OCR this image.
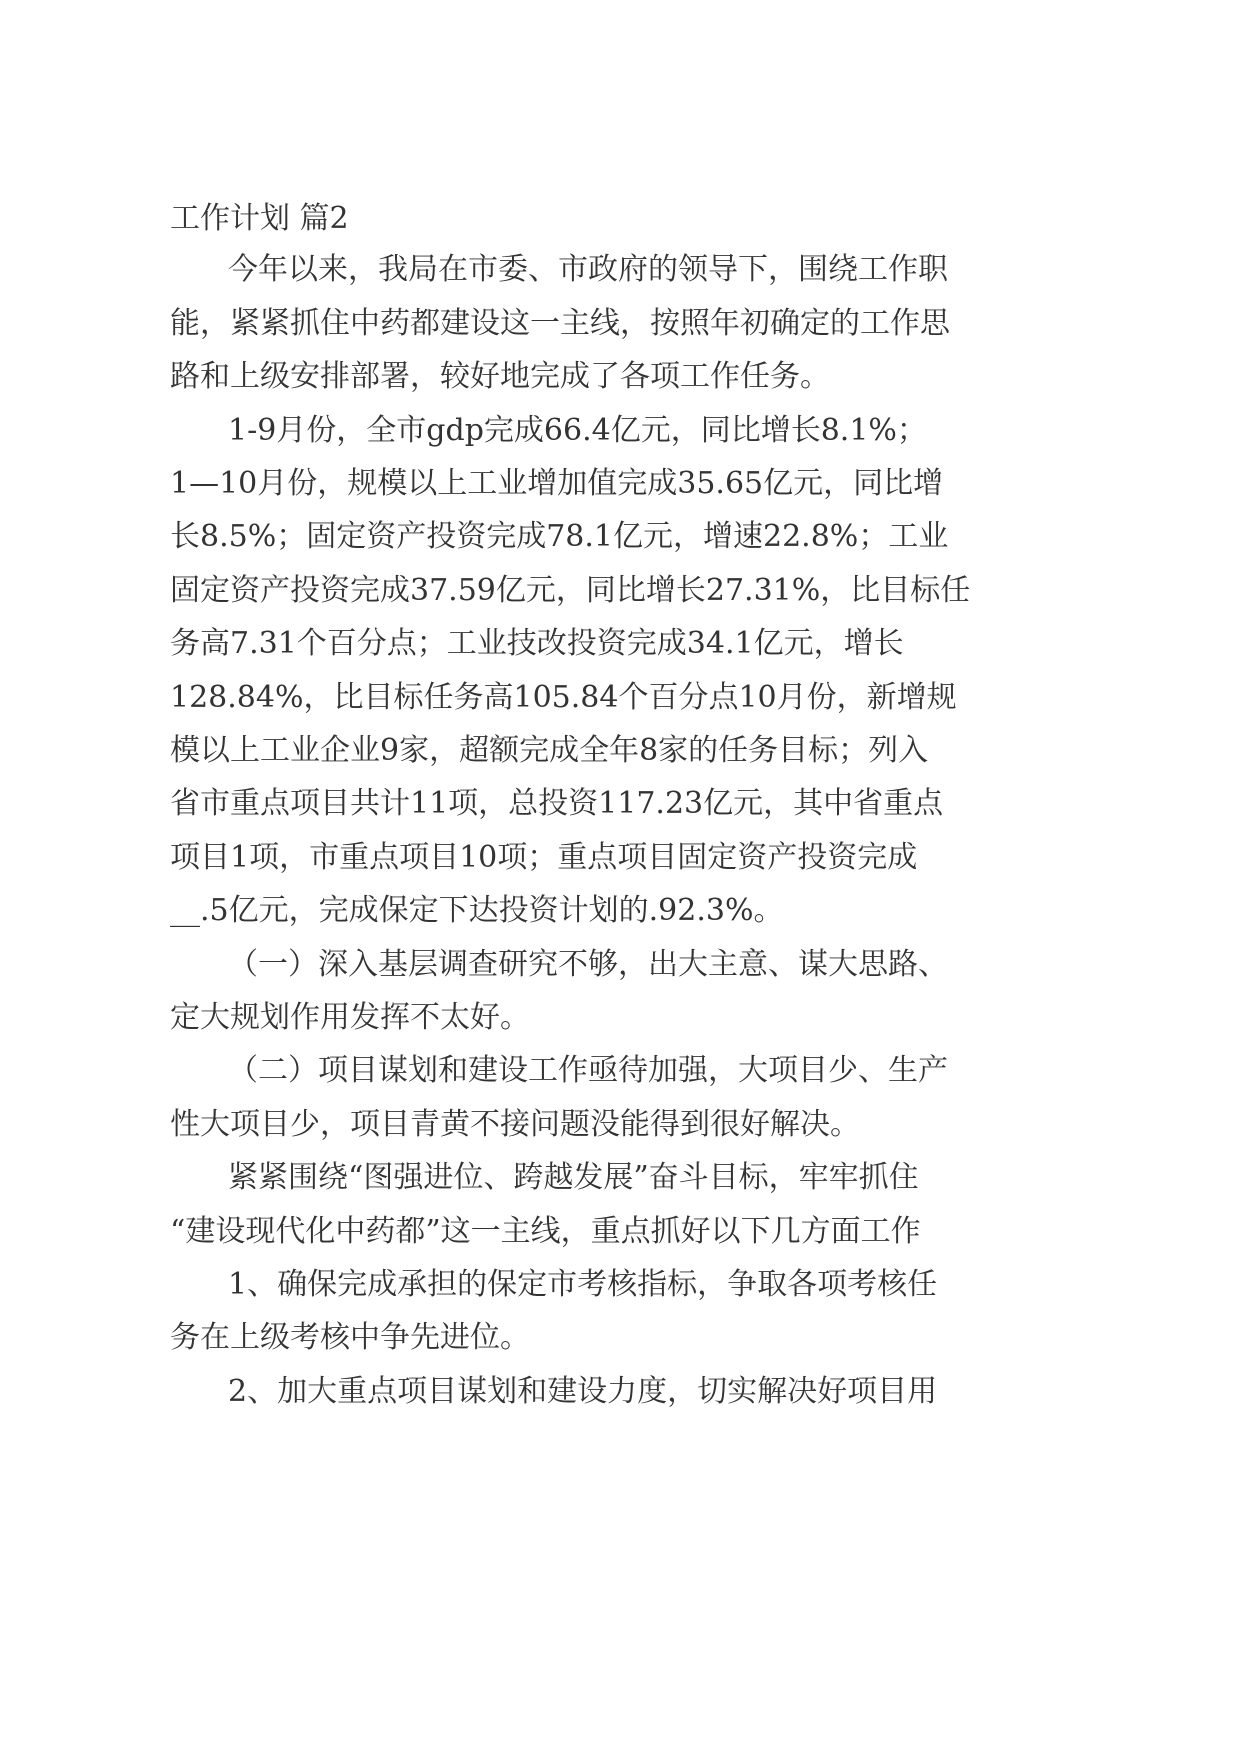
工作计划 篇2
今年以来，我局在市委、市政府的领导下，围绕工作职
能，紧紧抓住中药都建设这一主线，按照年初确定的工作思
路和上级安排部署，较好地完成了各项工作任务。
1-9月份，全市gdp完成66.4亿元，同比增长8.1%；
1—10月份，规模以上工业增加值完成35.65亿元，同比增
长8.5%；固定资产投资完成78.1亿元，增速22.8%；工业
固定资产投资完成37.59亿元，同比增长27.31%，比目标任
务高7.31个百分点；工业技改投资完成34.1亿元，增长
128.84%，比目标任务高105.84个百分点10月份，新增规
模以上工业企业9家，超额完成全年8家的任务目标；列入
省市重点项目共计11项，总投资117.23亿元，其中省重点
项目1项，市重点项目10项；重点项目固定资产投资完成
__.5亿元，完成保定下达投资计划的.92.3%。
（一）深入基层调查研究不够，出大主意、谋大思路、
定大规划作用发挥不太好。
（二）项目谋划和建设工作亟待加强，大项目少、生产
性大项目少，项目青黄不接问题没能得到很好解决。
紧紧围绕“图强进位、跨越发展”奋斗目标，牢牢抓住
“建设现代化中药都”这一主线，重点抓好以下几方面工作
1、确保完成承担的保定市考核指标，争取各项考核任
务在上级考核中争先进位。
2、加大重点项目谋划和建设力度，切实解决好项目用
